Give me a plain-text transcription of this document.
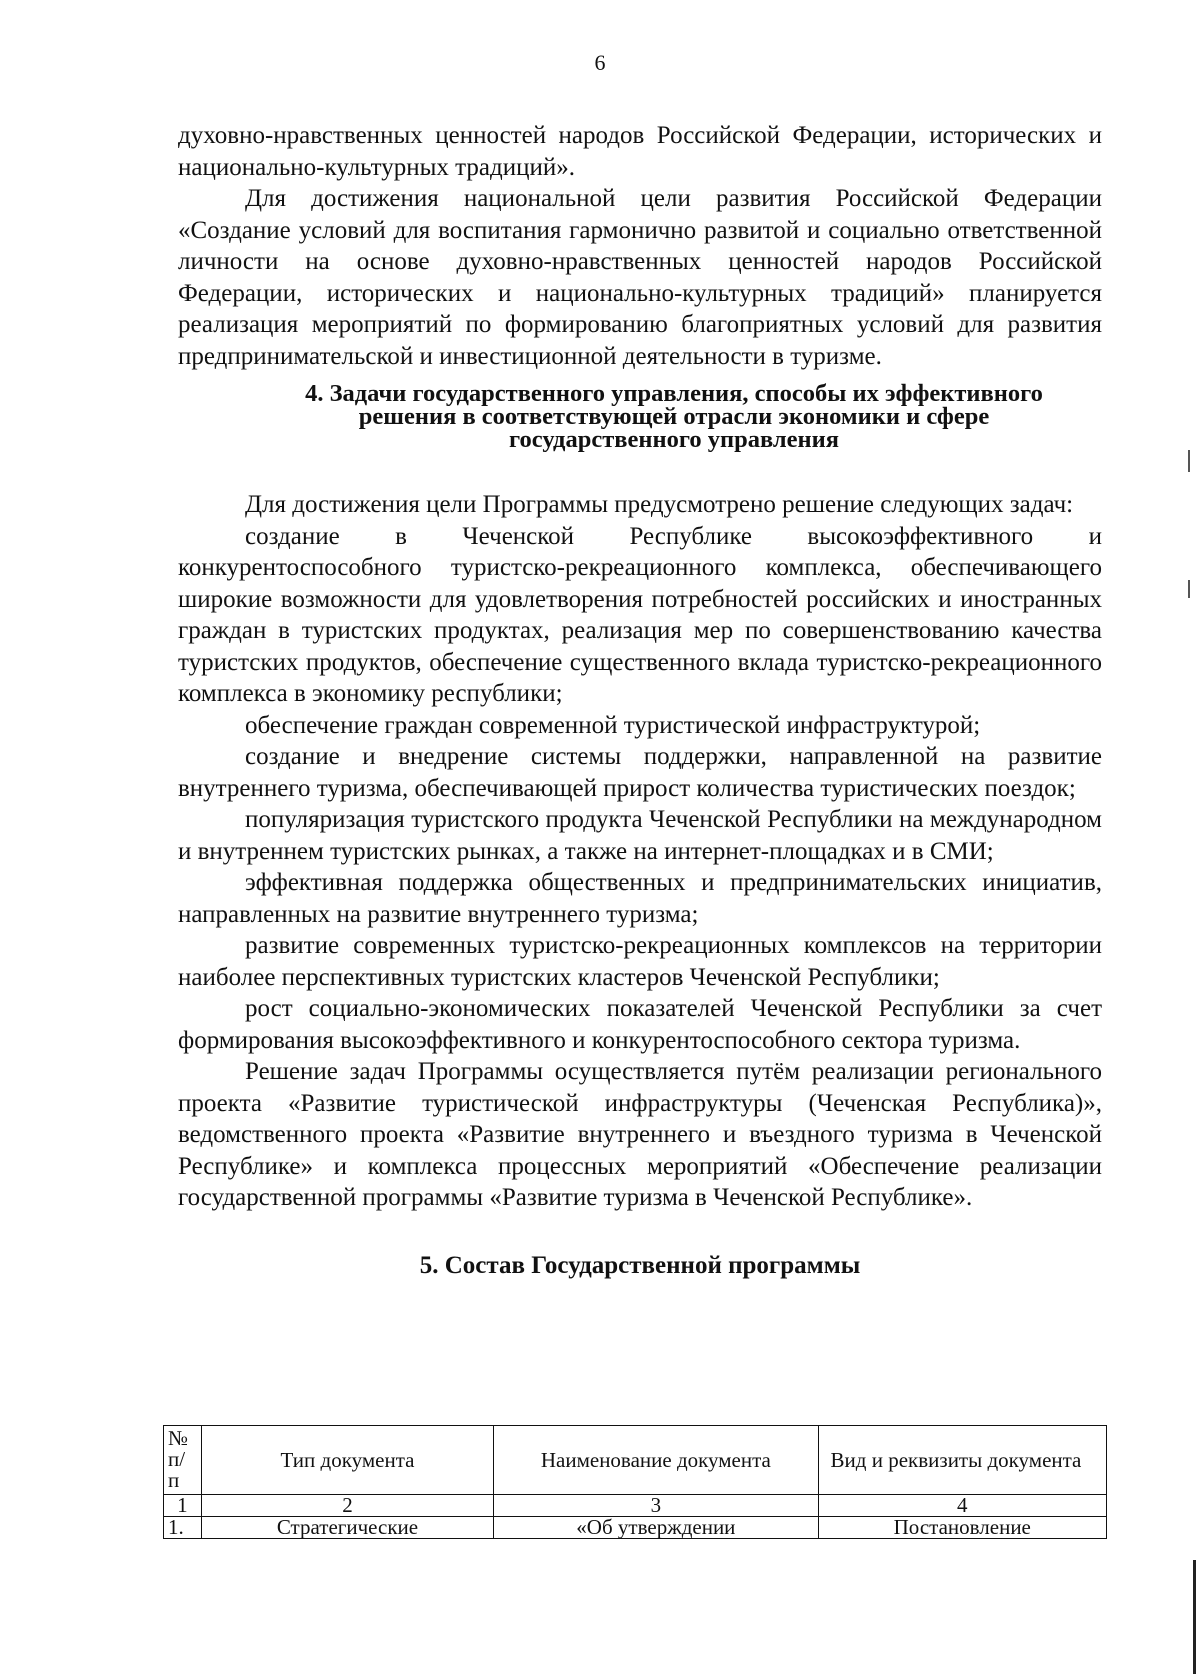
6

духовно-нравственных ценностей народов Российской Федерации, исторических и национально-культурных традиций».

Для достижения национальной цели развития Российской Федерации «Создание условий для воспитания гармонично развитой и социально ответственной личности на основе духовно-нравственных ценностей народов Российской Федерации, исторических и национально-культурных традиций» планируется реализация мероприятий по формированию благоприятных условий для развития предпринимательской и инвестиционной деятельности в туризме.

4. Задачи государственного управления, способы их эффективного
решения в соответствующей отрасли экономики и сфере
государственного управления

Для достижения цели Программы предусмотрено решение следующих задач:

создание в Чеченской Республике высокоэффективного и конкурентоспособного туристско-рекреационного комплекса, обеспечивающего широкие возможности для удовлетворения потребностей российских и иностранных граждан в туристских продуктах, реализация мер по совершенствованию качества туристских продуктов, обеспечение существенного вклада туристско-рекреационного комплекса в экономику республики;

обеспечение граждан современной туристической инфраструктурой;

создание и внедрение системы поддержки, направленной на развитие внутреннего туризма, обеспечивающей прирост количества туристических поездок;

популяризация туристского продукта Чеченской Республики на международном и внутреннем туристских рынках, а также на интернет-площадках и в СМИ;

эффективная поддержка общественных и предпринимательских инициатив, направленных на развитие внутреннего туризма;

развитие современных туристско-рекреационных комплексов на территории наиболее перспективных туристских кластеров Чеченской Республики;

рост социально-экономических показателей Чеченской Республики за счет формирования высокоэффективного и конкурентоспособного сектора туризма.

Решение задач Программы осуществляется путём реализации регионального проекта «Развитие туристической инфраструктуры (Чеченская Республика)», ведомственного проекта «Развитие внутреннего и въездного туризма в Чеченской Республике» и комплекса процессных мероприятий «Обеспечение реализации государственной программы «Развитие туризма в Чеченской Республике».

5. Состав Государственной программы
№ п/ п	Тип документа	Наименование документа	Вид и реквизиты документа
1	2	3	4
1.	Стратегические	«Об утверждении	Постановление
